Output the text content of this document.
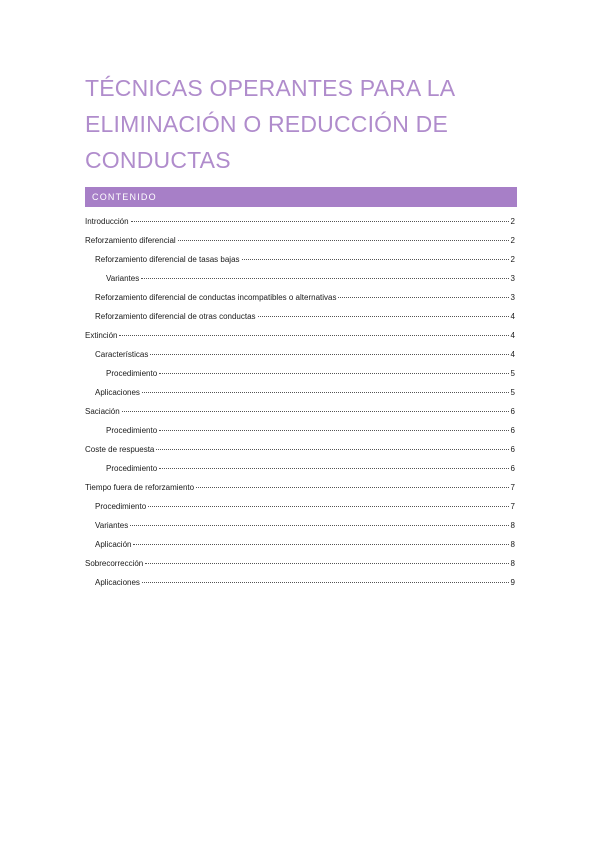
TÉCNICAS OPERANTES PARA LA ELIMINACIÓN O REDUCCIÓN DE CONDUCTAS
CONTENIDO
Introducción	2
Reforzamiento diferencial	2
Reforzamiento diferencial de tasas bajas	2
Variantes	3
Reforzamiento diferencial de conductas incompatibles o alternativas	3
Reforzamiento diferencial de otras conductas	4
Extinción	4
Características	4
Procedimiento	5
Aplicaciones	5
Saciación	6
Procedimiento	6
Coste de respuesta	6
Procedimiento	6
Tiempo fuera de reforzamiento	7
Procedimiento	7
Variantes	8
Aplicación	8
Sobrecorrección	8
Aplicaciones	9
